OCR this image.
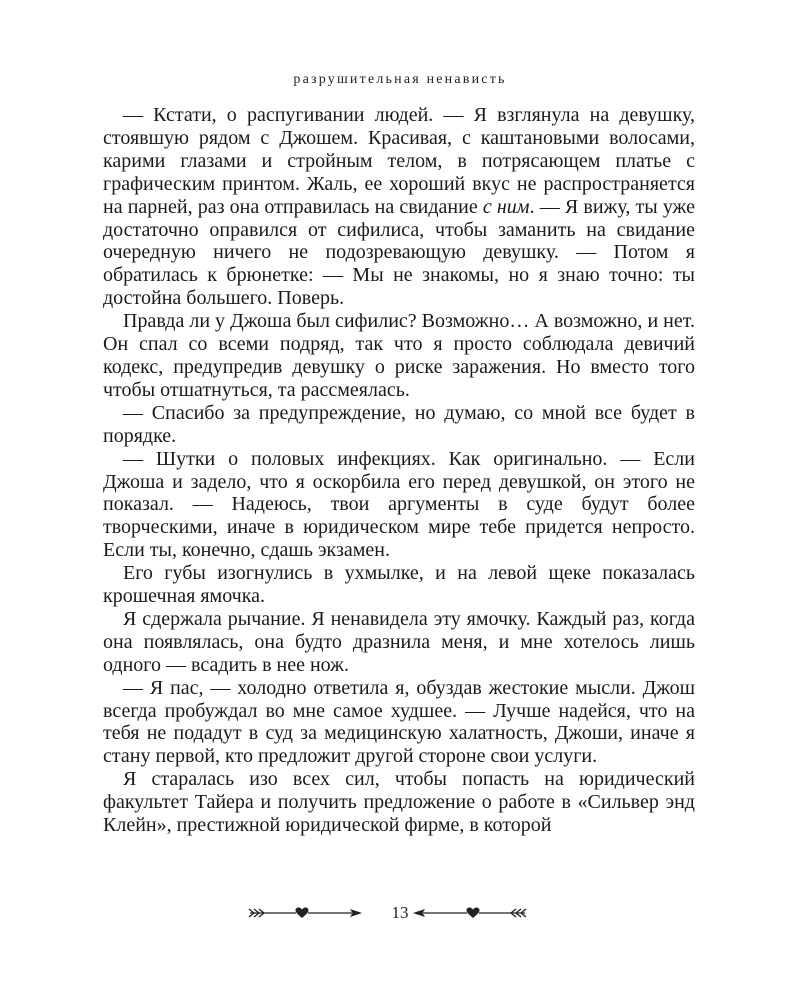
разрушительная ненависть

— Кстати, о распугивании людей. — Я взглянула на девушку, стоявшую рядом с Джошем. Красивая, с каштановыми волосами, карими глазами и стройным телом, в потрясающем платье с графическим принтом. Жаль, ее хороший вкус не распространяется на парней, раз она отправилась на свидание с ним. — Я вижу, ты уже достаточно оправился от сифилиса, чтобы заманить на свидание очередную ничего не подозревающую девушку. — Потом я обратилась к брюнетке: — Мы не знакомы, но я знаю точно: ты достойна большего. Поверь.

Правда ли у Джоша был сифилис? Возможно… А возможно, и нет. Он спал со всеми подряд, так что я просто соблюдала девичий кодекс, предупредив девушку о риске заражения. Но вместо того чтобы отшатнуться, та рассмеялась.

— Спасибо за предупреждение, но думаю, со мной все будет в порядке.

— Шутки о половых инфекциях. Как оригинально. — Если Джоша и задело, что я оскорбила его перед девушкой, он этого не показал. — Надеюсь, твои аргументы в суде будут более творческими, иначе в юридическом мире тебе придется непросто. Если ты, конечно, сдашь экзамен.

Его губы изогнулись в ухмылке, и на левой щеке показалась крошечная ямочка.

Я сдержала рычание. Я ненавидела эту ямочку. Каждый раз, когда она появлялась, она будто дразнила меня, и мне хотелось лишь одного — всадить в нее нож.

— Я пас, — холодно ответила я, обуздав жестокие мысли. Джош всегда пробуждал во мне самое худшее. — Лучше надейся, что на тебя не подадут в суд за медицинскую халатность, Джоши, иначе я стану первой, кто предложит другой стороне свои услуги.

Я старалась изо всех сил, чтобы попасть на юридический факультет Тайера и получить предложение о работе в «Сильвер энд Клейн», престижной юридической фирме, в которой

13
